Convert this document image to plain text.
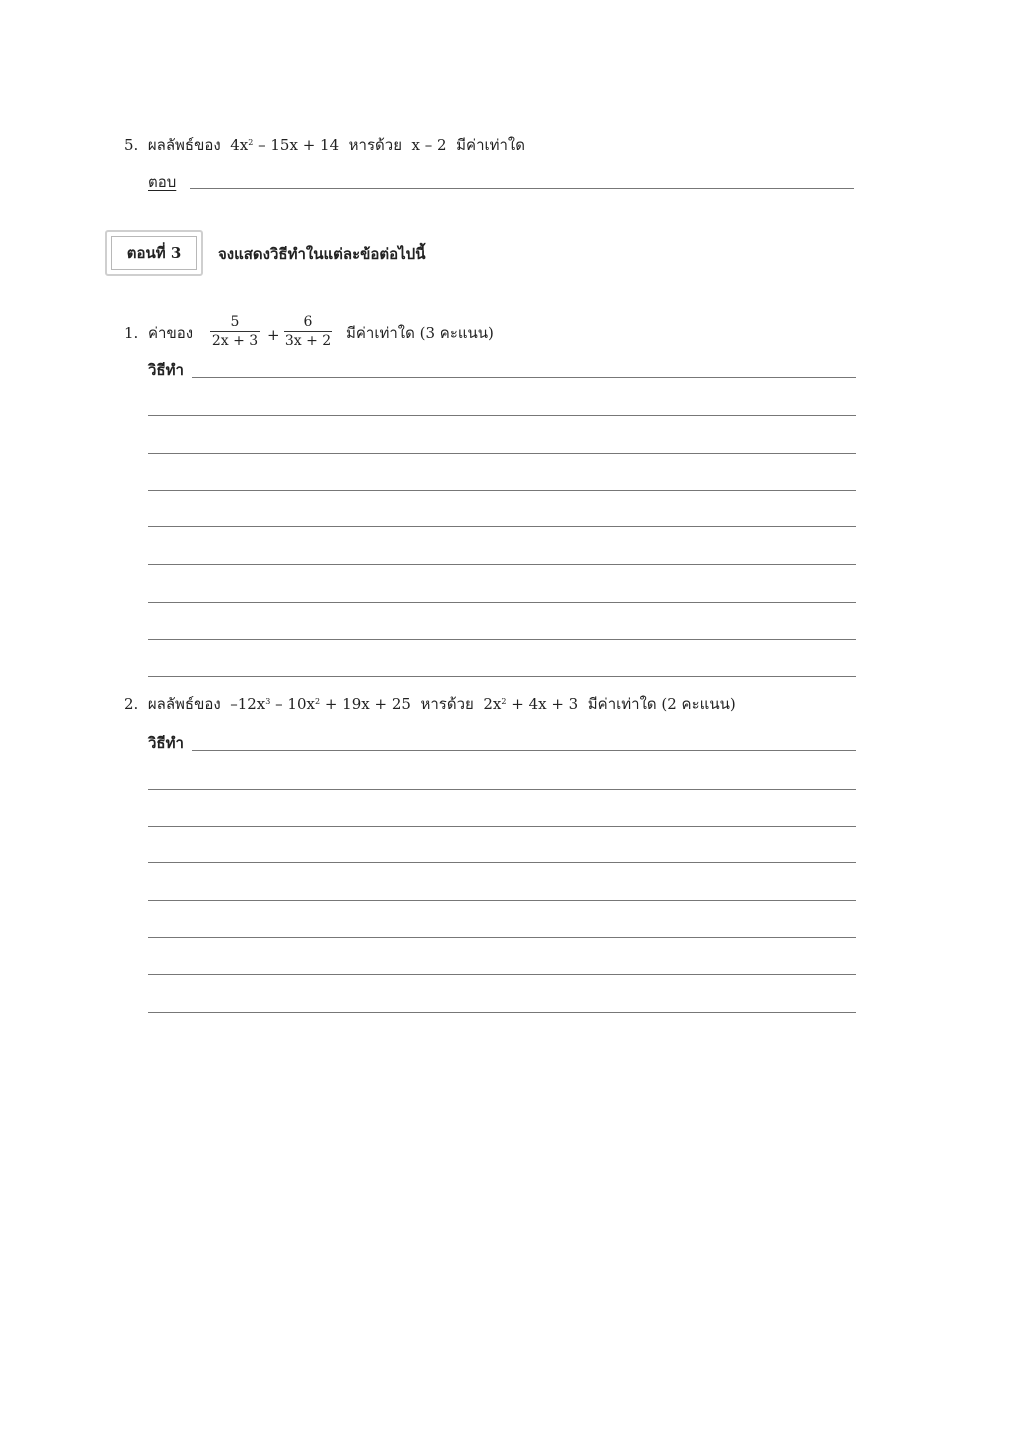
5. ผลลัพธ์ของ $4x^2 - 15x + 14$ หารด้วย x – 2 มีค่าเท่าใด
ตอบ
ตอนที่ 3	จงแสดงวิธีทำในแต่ละข้อต่อไปนี้
1. ค่าของ
5
2x + 3 +
6
3x + 2 มีค่าเท่าใด (3 คะแนน)
วิธีทำ
2. ผลลัพธ์ของ $-12x^3 - 10x^2 + 19x + 25$ หารด้วย $2x^2 + 4x + 3$ มีค่าเท่าใด (2 คะแนน)
วิธีทำ
